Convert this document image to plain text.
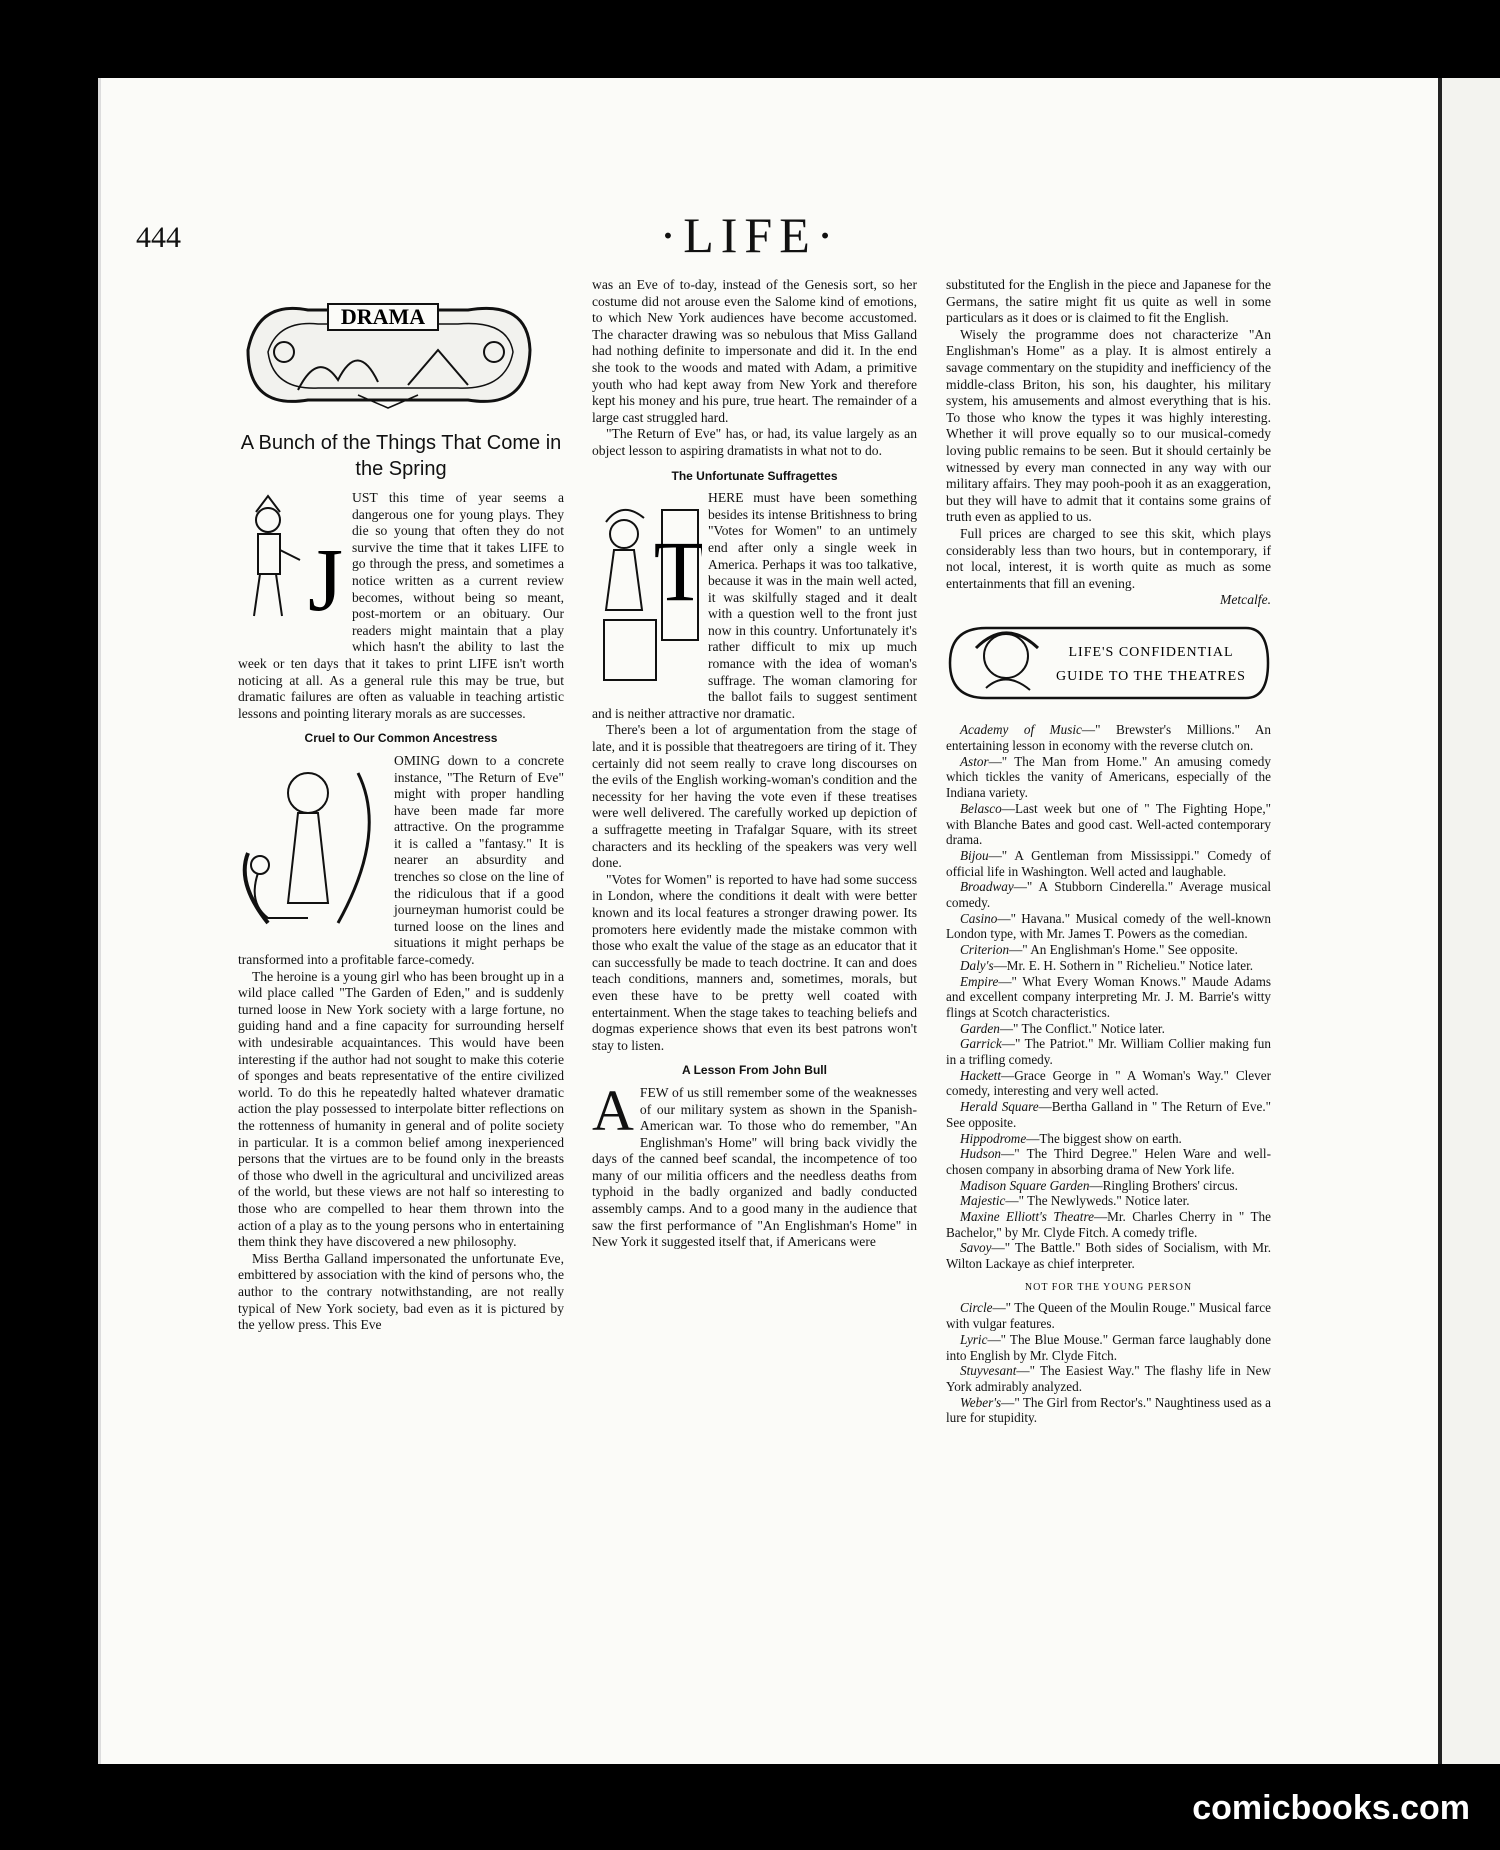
444	·LIFE·
DRAMA
A Bunch of the Things That Come in the Spring
J

UST this time of year seems a dangerous one for young plays. They die so young that often they do not survive the time that it takes LIFE to go through the press, and sometimes a notice written as a current review becomes, without being so meant, post-mortem or an obituary. Our readers might maintain that a play which hasn't the ability to last the week or ten days that it takes to print LIFE isn't worth noticing at all. As a general rule this may be true, but dramatic failures are often as valuable in teaching artistic lessons and pointing literary morals as are successes.

Cruel to Our Common Ancestress

OMING down to a concrete instance, "The Return of Eve" might with proper handling have been made far more attractive. On the programme it is called a "fantasy." It is nearer an absurdity and trenches so close on the line of the ridiculous that if a good journeyman humorist could be turned loose on the lines and situations it might perhaps be transformed into a profitable farce-comedy.

The heroine is a young girl who has been brought up in a wild place called "The Garden of Eden," and is suddenly turned loose in New York society with a large fortune, no guiding hand and a fine capacity for surrounding herself with undesirable acquaintances. This would have been interesting if the author had not sought to make this coterie of sponges and beats representative of the entire civilized world. To do this he repeatedly halted whatever dramatic action the play possessed to interpolate bitter reflections on the rottenness of humanity in general and of polite society in particular. It is a common belief among inexperienced persons that the virtues are to be found only in the breasts of those who dwell in the agricultural and uncivilized areas of the world, but these views are not half so interesting to those who are compelled to hear them thrown into the action of a play as to the young persons who in entertaining them think they have discovered a new philosophy.

Miss Bertha Galland impersonated the unfortunate Eve, embittered by association with the kind of persons who, the author to the contrary notwithstanding, are not really typical of New York society, bad even as it is pictured by the yellow press. This Eve

was an Eve of to-day, instead of the Genesis sort, so her costume did not arouse even the Salome kind of emotions, to which New York audiences have become accustomed. The character drawing was so nebulous that Miss Galland had nothing definite to impersonate and did it. In the end she took to the woods and mated with Adam, a primitive youth who had kept away from New York and therefore kept his money and his pure, true heart. The remainder of a large cast struggled hard.

"The Return of Eve" has, or had, its value largely as an object lesson to aspiring dramatists in what not to do.

The Unfortunate Suffragettes
T

HERE must have been something besides its intense Britishness to bring "Votes for Women" to an untimely end after only a single week in America. Perhaps it was too talkative, because it was in the main well acted, it was skilfully staged and it dealt with a question well to the front just now in this country. Unfortunately it's rather difficult to mix up much romance with the idea of woman's suffrage. The woman clamoring for the ballot fails to suggest sentiment and is neither attractive nor dramatic.

There's been a lot of argumentation from the stage of late, and it is possible that theatregoers are tiring of it. They certainly did not seem really to crave long discourses on the evils of the English working-woman's condition and the necessity for her having the vote even if these treatises were well delivered. The carefully worked up depiction of a suffragette meeting in Trafalgar Square, with its street characters and its heckling of the speakers was very well done.

"Votes for Women" is reported to have had some success in London, where the conditions it dealt with were better known and its local features a stronger drawing power. Its promoters here evidently made the mistake common with those who exalt the value of the stage as an educator that it can successfully be made to teach doctrine. It can and does teach conditions, manners and, sometimes, morals, but even these have to be pretty well coated with entertainment. When the stage takes to teaching beliefs and dogmas experience shows that even its best patrons won't stay to listen.

A Lesson From John Bull
A FEW of us still remember some of the weaknesses of our military system as shown in the Spanish-American war. To those who do remember, "An Englishman's Home" will bring back vividly the days of the canned beef scandal, the incompetence of too many of our militia officers and the needless deaths from typhoid in the badly organized and badly conducted assembly camps. And to a good many in the audience that saw the first performance of "An Englishman's Home" in New York it suggested itself that, if Americans were

substituted for the English in the piece and Japanese for the Germans, the satire might fit us quite as well in some particulars as it does or is claimed to fit the English.

Wisely the programme does not characterize "An Englishman's Home" as a play. It is almost entirely a savage commentary on the stupidity and inefficiency of the middle-class Briton, his son, his daughter, his military system, his amusements and almost everything that is his. To those who know the types it was highly interesting. Whether it will prove equally so to our musical-comedy loving public remains to be seen. But it should certainly be witnessed by every man connected in any way with our military affairs. They may pooh-pooh it as an exaggeration, but they will have to admit that it contains some grains of truth even as applied to us.

Full prices are charged to see this skit, which plays considerably less than two hours, but in contemporary, if not local, interest, it is worth quite as much as some entertainments that fill an evening.

Metcalfe.
LIFE'S CONFIDENTIAL
GUIDE TO THE THEATRES

Academy of Music—" Brewster's Millions." An entertaining lesson in economy with the reverse clutch on.

Astor—" The Man from Home." An amusing comedy which tickles the vanity of Americans, especially of the Indiana variety.

Belasco—Last week but one of " The Fighting Hope," with Blanche Bates and good cast. Well-acted contemporary drama.

Bijou—" A Gentleman from Mississippi." Comedy of official life in Washington. Well acted and laughable.

Broadway—" A Stubborn Cinderella." Average musical comedy.

Casino—" Havana." Musical comedy of the well-known London type, with Mr. James T. Powers as the comedian.

Criterion—" An Englishman's Home." See opposite.

Daly's—Mr. E. H. Sothern in " Richelieu." Notice later.

Empire—" What Every Woman Knows." Maude Adams and excellent company interpreting Mr. J. M. Barrie's witty flings at Scotch characteristics.

Garden—" The Conflict." Notice later.

Garrick—" The Patriot." Mr. William Collier making fun in a trifling comedy.

Hackett—Grace George in " A Woman's Way." Clever comedy, interesting and very well acted.

Herald Square—Bertha Galland in " The Return of Eve." See opposite.

Hippodrome—The biggest show on earth.

Hudson—" The Third Degree." Helen Ware and well-chosen company in absorbing drama of New York life.

Madison Square Garden—Ringling Brothers' circus.

Majestic—" The Newlyweds." Notice later.

Maxine Elliott's Theatre—Mr. Charles Cherry in " The Bachelor," by Mr. Clyde Fitch. A comedy trifle.

Savoy—" The Battle." Both sides of Socialism, with Mr. Wilton Lackaye as chief interpreter.

NOT FOR THE YOUNG PERSON

Circle—" The Queen of the Moulin Rouge." Musical farce with vulgar features.

Lyric—" The Blue Mouse." German farce laughably done into English by Mr. Clyde Fitch.

Stuyvesant—" The Easiest Way." The flashy life in New York admirably analyzed.

Weber's—" The Girl from Rector's." Naughtiness used as a lure for stupidity.

comicbooks.com
